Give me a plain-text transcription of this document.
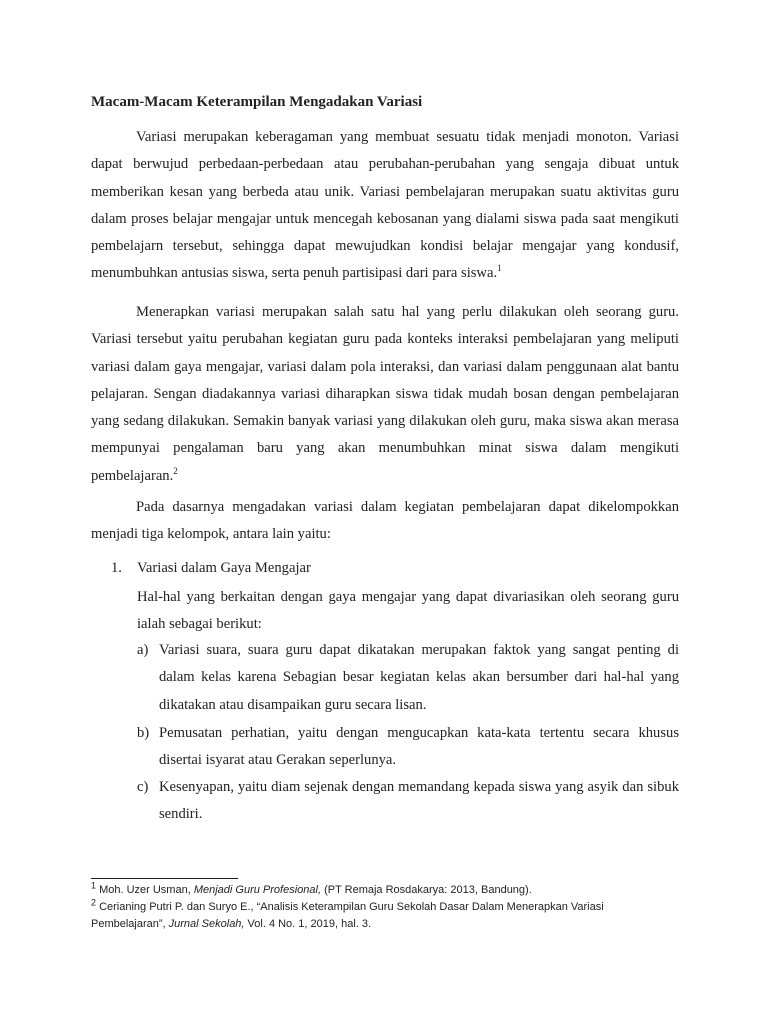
Macam-Macam Keterampilan Mengadakan Variasi
Variasi merupakan keberagaman yang membuat sesuatu tidak menjadi monoton. Variasi dapat berwujud perbedaan-perbedaan atau perubahan-perubahan yang sengaja dibuat untuk memberikan kesan yang berbeda atau unik. Variasi pembelajaran merupakan suatu aktivitas guru dalam proses belajar mengajar untuk mencegah kebosanan yang dialami siswa pada saat mengikuti pembelajarn tersebut, sehingga dapat mewujudkan kondisi belajar mengajar yang kondusif, menumbuhkan antusias siswa, serta penuh partisipasi dari para siswa.$^1$
Menerapkan variasi merupakan salah satu hal yang perlu dilakukan oleh seorang guru. Variasi tersebut yaitu perubahan kegiatan guru pada konteks interaksi pembelajaran yang meliputi variasi dalam gaya mengajar, variasi dalam pola interaksi, dan variasi dalam penggunaan alat bantu pelajaran. Sengan diadakannya variasi diharapkan siswa tidak mudah bosan dengan pembelajaran yang sedang dilakukan. Semakin banyak variasi yang dilakukan oleh guru, maka siswa akan merasa mempunyai pengalaman baru yang akan menumbuhkan minat siswa dalam mengikuti pembelajaran.$^2$
Pada dasarnya mengadakan variasi dalam kegiatan pembelajaran dapat dikelompokkan menjadi tiga kelompok, antara lain yaitu:
1. Variasi dalam Gaya Mengajar
Hal-hal yang berkaitan dengan gaya mengajar yang dapat divariasikan oleh seorang guru ialah sebagai berikut:
a) Variasi suara, suara guru dapat dikatakan merupakan faktok yang sangat penting di dalam kelas karena Sebagian besar kegiatan kelas akan bersumber dari hal-hal yang dikatakan atau disampaikan guru secara lisan.
b) Pemusatan perhatian, yaitu dengan mengucapkan kata-kata tertentu secara khusus disertai isyarat atau Gerakan seperlunya.
c) Kesenyapan, yaitu diam sejenak dengan memandang kepada siswa yang asyik dan sibuk sendiri.
$^1$ Moh. Uzer Usman, Menjadi Guru Profesional, (PT Remaja Rosdakarya: 2013, Bandung).
$^2$ Cerianing Putri P. dan Suryo E., “Analisis Keterampilan Guru Sekolah Dasar Dalam Menerapkan Variasi Pembelajaran”, Jurnal Sekolah, Vol. 4 No. 1, 2019, hal. 3.
